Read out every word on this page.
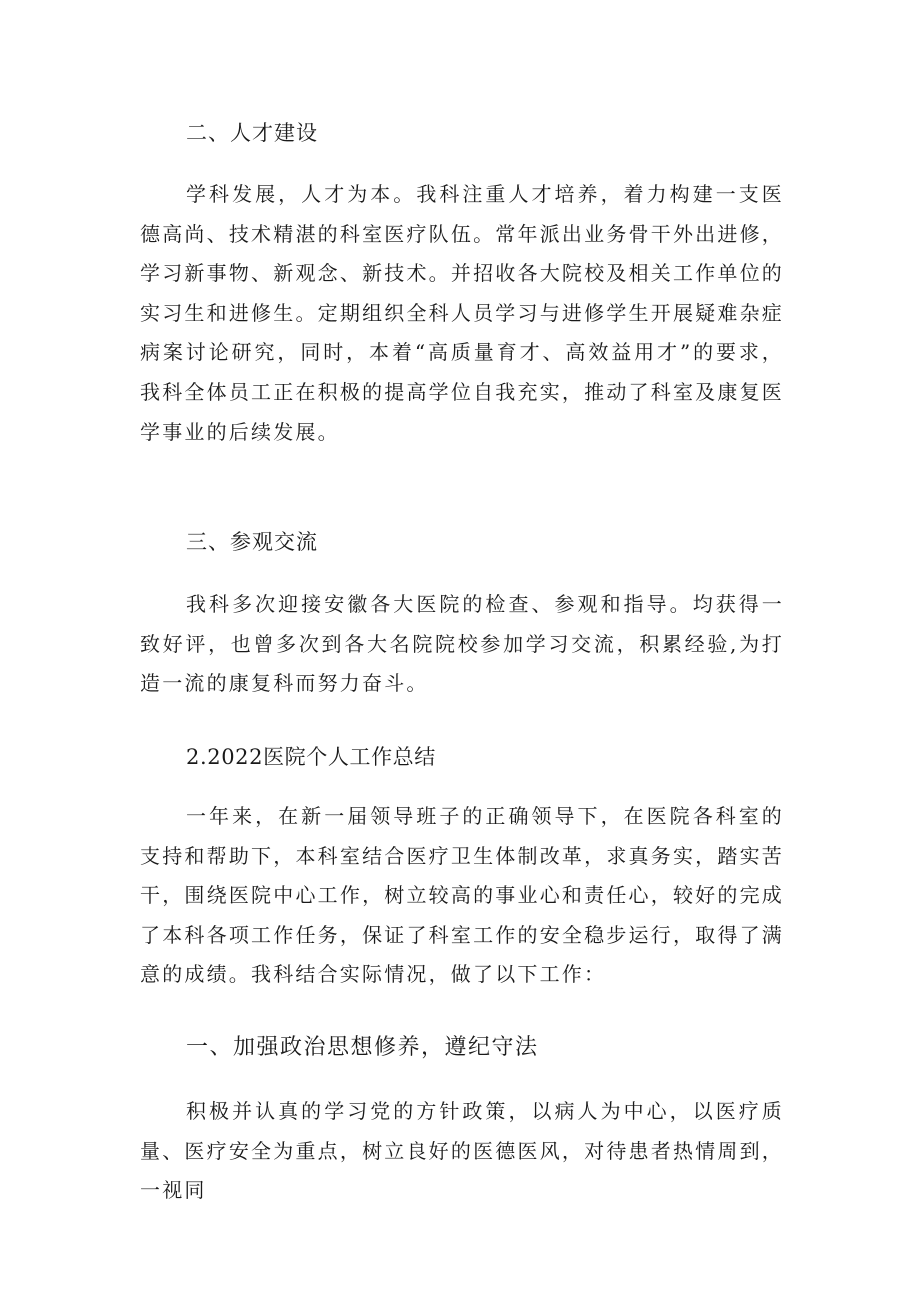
二、人才建设

学科发展，人才为本。我科注重人才培养，着力构建一支医德高尚、技术精湛的科室医疗队伍。常年派出业务骨干外出进修，学习新事物、新观念、新技术。并招收各大院校及相关工作单位的实习生和进修生。定期组织全科人员学习与进修学生开展疑难杂症病案讨论研究，同时，本着“高质量育才、高效益用才”的要求，我科全体员工正在积极的提高学位自我充实，推动了科室及康复医学事业的后续发展。

三、参观交流

我科多次迎接安徽各大医院的检查、参观和指导。均获得一致好评，也曾多次到各大名院院校参加学习交流，积累经验,为打造一流的康复科而努力奋斗。

2.2022医院个人工作总结

一年来，在新一届领导班子的正确领导下，在医院各科室的支持和帮助下，本科室结合医疗卫生体制改革，求真务实，踏实苦干，围绕医院中心工作，树立较高的事业心和责任心，较好的完成了本科各项工作任务，保证了科室工作的安全稳步运行，取得了满意的成绩。我科结合实际情况，做了以下工作：

一、加强政治思想修养，遵纪守法

积极并认真的学习党的方针政策，以病人为中心，以医疗质量、医疗安全为重点，树立良好的医德医风，对待患者热情周到，一视同
